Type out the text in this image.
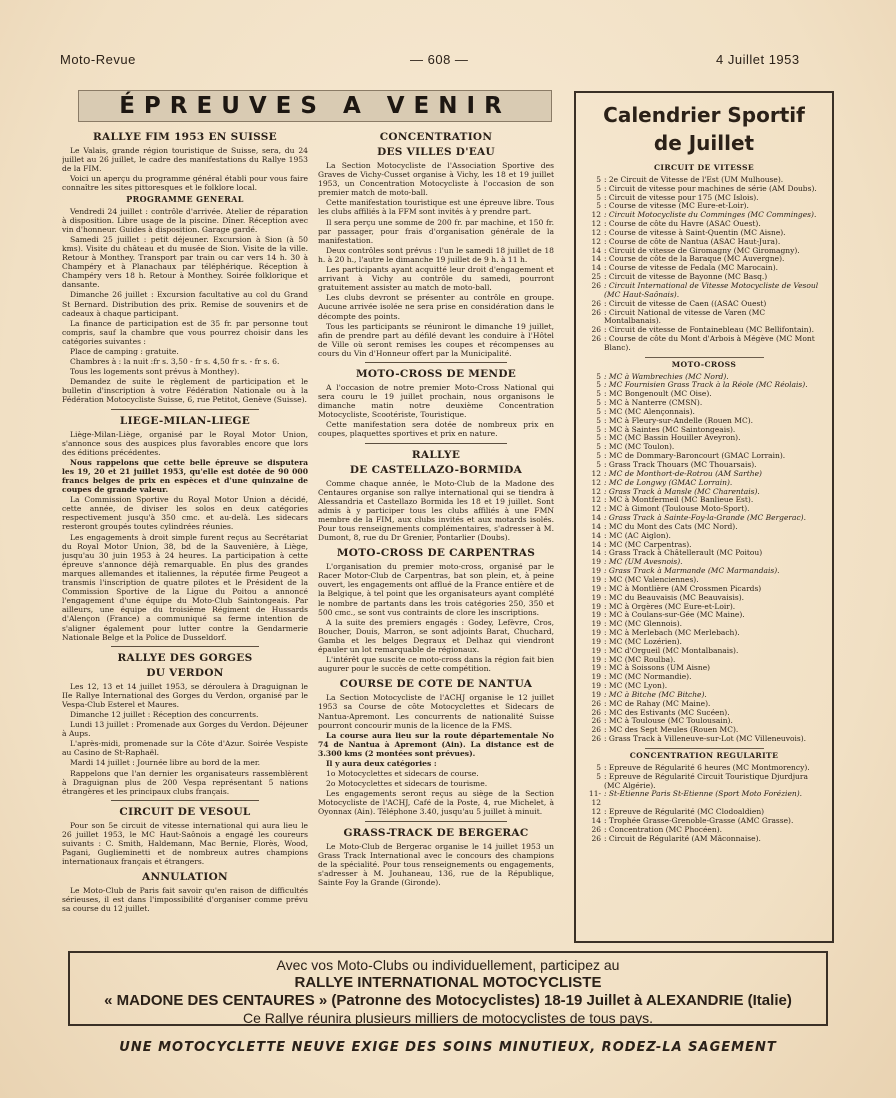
Moto-Revue	— 608 —	4 Juillet 1953
ÉPREUVES A VENIR
RALLYE FIM 1953 EN SUISSE

Le Valais, grande région touristique de Suisse, sera, du 24 juillet au 26 juillet, le cadre des manifestations du Rallye 1953 de la FIM.

Voici un aperçu du programme général établi pour vous faire connaître les sites pittoresques et le folklore local.

PROGRAMME GENERAL

Vendredi 24 juillet : contrôle d'arrivée. Atelier de réparation à disposition. Libre usage de la piscine. Dîner. Réception avec vin d'honneur. Guides à disposition. Garage gardé.

Samedi 25 juillet : petit déjeuner. Excursion à Sion (à 50 kms). Visite du château et du musée de Sion. Visite de la ville. Retour à Monthey. Transport par train ou car vers 14 h. 30 à Champéry et à Planachaux par téléphérique. Réception à Champéry vers 18 h. Retour à Monthey. Soirée folklorique et dansante.

Dimanche 26 juillet : Excursion facultative au col du Grand St Bernard. Distribution des prix. Remise de souvenirs et de cadeaux à chaque participant.

La finance de participation est de 35 fr. par personne tout compris, sauf la chambre que vous pourrez choisir dans les catégories suivantes :

Place de camping : gratuite.

Chambres à : la nuit :fr s. 3,50 - fr s. 4,50 fr s. - fr s. 6.

Tous les logements sont prévus à Monthey).

Demandez de suite le règlement de participation et le bulletin d'inscription à votre Fédération Nationale ou à la Fédération Motocycliste Suisse, 6, rue Petitot, Genève (Suisse).

LIEGE-MILAN-LIEGE

Liège-Milan-Liège, organisé par le Royal Motor Union, s'annonce sous des auspices plus favorables encore que lors des éditions précédentes.

Nous rappelons que cette belle épreuve se disputera les 19, 20 et 21 juillet 1953, qu'elle est dotée de 90 000 francs belges de prix en espèces et d'une quinzaine de coupes de grande valeur.

La Commission Sportive du Royal Motor Union a décidé, cette année, de diviser les solos en deux catégories respectivement jusqu'à 350 cmc. et au-delà. Les sidecars resteront groupés toutes cylindrées réunies.

Les engagements à droit simple furent reçus au Secrétariat du Royal Motor Union, 38, bd de la Sauvenière, à Liège, jusqu'au 30 juin 1953 à 24 heures. La participation à cette épreuve s'annonce déjà remarquable. En plus des grandes marques allemandes et italiennes, la réputée firme Peugeot a transmis l'inscription de quatre pilotes et le Président de la Commission Sportive de la Ligue du Poitou a annoncé l'engagement d'une équipe du Moto-Club Saintongeais. Par ailleurs, une équipe du troisième Régiment de Hussards d'Alençon (France) a communiqué sa ferme intention de s'aligner également pour lutter contre la Gendarmerie Nationale Belge et la Police de Dusseldorf.

RALLYE DES GORGES
DU VERDON

Les 12, 13 et 14 juillet 1953, se déroulera à Draguignan le IIe Rallye International des Gorges du Verdon, organisé par le Vespa-Club Esterel et Maures.

Dimanche 12 juillet : Réception des concurrents.

Lundi 13 juillet : Promenade aux Gorges du Verdon. Déjeuner à Aups.

L'après-midi, promenade sur la Côte d'Azur. Soirée Vespiste au Casino de St-Raphaël.

Mardi 14 juillet : Journée libre au bord de la mer.

Rappelons que l'an dernier les organisateurs rassemblèrent à Draguignan plus de 200 Vespa représentant 5 nations étrangères et les principaux clubs français.

CIRCUIT DE VESOUL

Pour son 5e circuit de vitesse international qui aura lieu le 26 juillet 1953, le MC Haut-Saônois a engagé les coureurs suivants : C. Smith, Haldemann, Mac Bernie, Florès, Wood, Pagani, Guglieminetti et de nombreux autres champions internationaux français et étrangers.

ANNULATION

Le Moto-Club de Paris fait savoir qu'en raison de difficultés sérieuses, il est dans l'impossibilité d'organiser comme prévu sa course du 12 juillet.

CONCENTRATION
DES VILLES D'EAU

La Section Motocycliste de l'Association Sportive des Graves de Vichy-Cusset organise à Vichy, les 18 et 19 juillet 1953, un Concentration Motocycliste à l'occasion de son premier match de moto-ball.

Cette manifestation touristique est une épreuve libre. Tous les clubs affiliés à la FFM sont invités à y prendre part.

Il sera perçu une somme de 200 fr. par machine, et 150 fr. par passager, pour frais d'organisation générale de la manifestation.

Deux contrôles sont prévus : l'un le samedi 18 juillet de 18 h. à 20 h., l'autre le dimanche 19 juillet de 9 h. à 11 h.

Les participants ayant acquitté leur droit d'engagement et arrivant à Vichy au contrôle du samedi, pourront gratuitement assister au match de moto-ball.

Les clubs devront se présenter au contrôle en groupe. Aucune arrivée isolée ne sera prise en considération dans le décompte des points.

Tous les participants se réuniront le dimanche 19 juillet, afin de prendre part au défilé devant les conduire à l'Hôtel de Ville où seront remises les coupes et récompenses au cours du Vin d'Honneur offert par la Municipalité.

MOTO-CROSS DE MENDE

A l'occasion de notre premier Moto-Cross National qui sera couru le 19 juillet prochain, nous organisons le dimanche matin notre deuxième Concentration Motocycliste, Scootériste, Touristique.

Cette manifestation sera dotée de nombreux prix en coupes, plaquettes sportives et prix en nature.

RALLYE
DE CASTELLAZO-BORMIDA

Comme chaque année, le Moto-Club de la Madone des Centaures organise son rallye international qui se tiendra à Alessandria et Castellazo Bormida les 18 et 19 juillet. Sont admis à y participer tous les clubs affiliés à une FMN membre de la FIM, aux clubs invités et aux motards isolés. Pour tous renseignements complémentaires, s'adresser à M. Dumont, 8, rue du Dr Grenier, Pontarlier (Doubs).

MOTO-CROSS DE CARPENTRAS

L'organisation du premier moto-cross, organisé par le Racer Motor-Club de Carpentras, bat son plein, et, à peine ouvert, les engagements ont afflué de la France entière et de la Belgique, à tel point que les organisateurs ayant complété le nombre de partants dans les trois catégories 250, 350 et 500 cmc., se sont vus contraints de clore les inscriptions.

A la suite des premiers engagés : Godey, Lefèvre, Cros, Boucher, Douis, Marron, se sont adjoints Barat, Chuchard, Gamba et les belges Degraux et Delhaz qui viendront épauler un lot remarquable de régionaux.

L'intérêt que suscite ce moto-cross dans la région fait bien augurer pour le succès de cette compétition.

COURSE DE COTE DE NANTUA

La Section Motocycliste de l'ACHJ organise le 12 juillet 1953 sa Course de côte Motocyclettes et Sidecars de Nantua-Apremont. Les concurrents de nationalité Suisse pourront concourir munis de la licence de la FMS.

La course aura lieu sur la route départementale No 74 de Nantua à Apremont (Ain). La distance est de 3.300 kms (2 montées sont prévues).

Il y aura deux catégories :

1o Motocyclettes et sidecars de course.

2o Motocyclettes et sidecars de tourisme.

Les engagements seront reçus au siège de la Section Motocycliste de l'ACHJ, Café de la Poste, 4, rue Michelet, à Oyonnax (Ain). Téléphone 3.40, jusqu'au 5 juillet à minuit.

GRASS-TRACK DE BERGERAC

Le Moto-Club de Bergerac organise le 14 juillet 1953 un Grass Track International avec le concours des champions de la spécialité. Pour tous renseignements ou engagements, s'adresser à M. Jouhaneau, 136, rue de la République, Sainte Foy la Grande (Gironde).

Calendrier Sportif
de Juillet
CIRCUIT DE VITESSE
5 : 2e Circuit de Vitesse de l'Est (UM Mulhouse).
5 : Circuit de vitesse pour machines de série (AM Doubs).
5 : Circuit de vitesse pour 175 (MC Islois).
5 : Course de vitesse (MC Eure-et-Loir).
12 : Circuit Motocycliste du Comminges (MC Comminges).
12 : Course de côte du Havre (ASAC Ouest).
12 : Course de vitesse à Saint-Quentin (MC Aisne).
12 : Course de côte de Nantua (ASAC Haut-Jura).
14 : Circuit de vitesse de Giromagny (MC Giromagny).
14 : Course de côte de la Baraque (MC Auvergne).
14 : Course de vitesse de Fedala (MC Marocain).
25 : Circuit de vitesse de Bayonne (MC Basq.)
26 : Circuit International de Vitesse Motocycliste de Vesoul (MC Haut-Saônais).
26 : Circuit de vitesse de Caen ((ASAC Ouest)
26 : Circuit National de vitesse de Varen (MC Montalbanais).
26 : Circuit de vitesse de Fontainebleau (MC Bellifontain).
26 : Course de côte du Mont d'Arbois à Mégève (MC Mont Blanc).
MOTO-CROSS
5 : MC à Wambrechies (MC Nord).
5 : MC Fournisien Grass Track à la Réole (MC Réolais).
5 : MC Bongenoult (MC Oise).
5 : MC à Nanterre (CMSN).
5 : MC (MC Alençonnais).
5 : MC à Fleury-sur-Andelle (Rouen MC).
5 : MC à Saintes (MC Saintongeais).
5 : MC (MC Bassin Houiller Aveyron).
5 : MC (MC Toulon).
5 : MC de Dommary-Baroncourt (GMAC Lorrain).
5 : Grass Track Thouars (MC Thouarsais).
12 : MC de Monthort-de-Rotrou (AM Sarthe)
12 : MC de Longwy (GMAC Lorrain).
12 : Grass Track à Mansle (MC Charentais).
12 : MC à Montfermeil (MC Banlieue Est).
12 : MC à Gimont (Toulouse Moto-Sport).
14 : Grass Track à Sainte-Foy-la-Grande (MC Bergerac).
14 : MC du Mont des Cats (MC Nord).
14 : MC (AC Aiglon).
14 : MC (MC Carpentras).
14 : Grass Track à Châtellerault (MC Poitou)
19 : MC (UM Avesnois).
19 : Grass Track à Marmande (MC Marmandais).
19 : MC (MC Valenciennes).
19 : MC à Montlière (AM Crossmen Picards)
19 : MC du Beauvaisis (MC Beauvaisis).
19 : MC à Orgères (MC Eure-et-Loir).
19 : MC à Coulans-sur-Gée (MC Maine).
19 : MC (MC Glennois).
19 : MC à Merlebach (MC Merlebach).
19 : MC (MC Lozérien).
19 : MC d'Orgueil (MC Montalbanais).
19 : MC (MC Roulba).
19 : MC à Soissons (UM Aisne)
19 : MC (MC Normandie).
19 : MC (MC Lyon).
19 : MC à Bitche (MC Bitche).
26 : MC de Rahay (MC Maine).
26 : MC des Estivants (MC Sucéen).
26 : MC à Toulouse (MC Toulousain).
26 : MC des Sept Meules (Rouen MC).
26 : Grass Track à Villeneuve-sur-Lot (MC Villeneuvois).
CONCENTRATION REGULARITE
5 : Epreuve de Régularité 6 heures (MC Montmorency).
5 : Epreuve de Régularité Circuit Touristique Djurdjura (MC Algérie).
11-12
: St-Etienne Paris St-Etienne (Sport Moto Forézien).
12 : Epreuve de Régularité (MC Clodoaldien)
14 : Trophée Grasse-Grenoble-Grasse (AMC Grasse).
26 : Concentration (MC Phocéen).
26 : Circuit de Régularité (AM Mâconnaise).
Avec vos Moto-Clubs ou individuellement, participez au
RALLYE INTERNATIONAL MOTOCYCLISTE
« MADONE DES CENTAURES » (Patronne des Motocyclistes) 18-19 Juillet à ALEXANDRIE (Italie)
Ce Rallye réunira plusieurs milliers de motocyclistes de tous pays.
UNE MOTOCYCLETTE NEUVE EXIGE DES SOINS MINUTIEUX, RODEZ-LA SAGEMENT
